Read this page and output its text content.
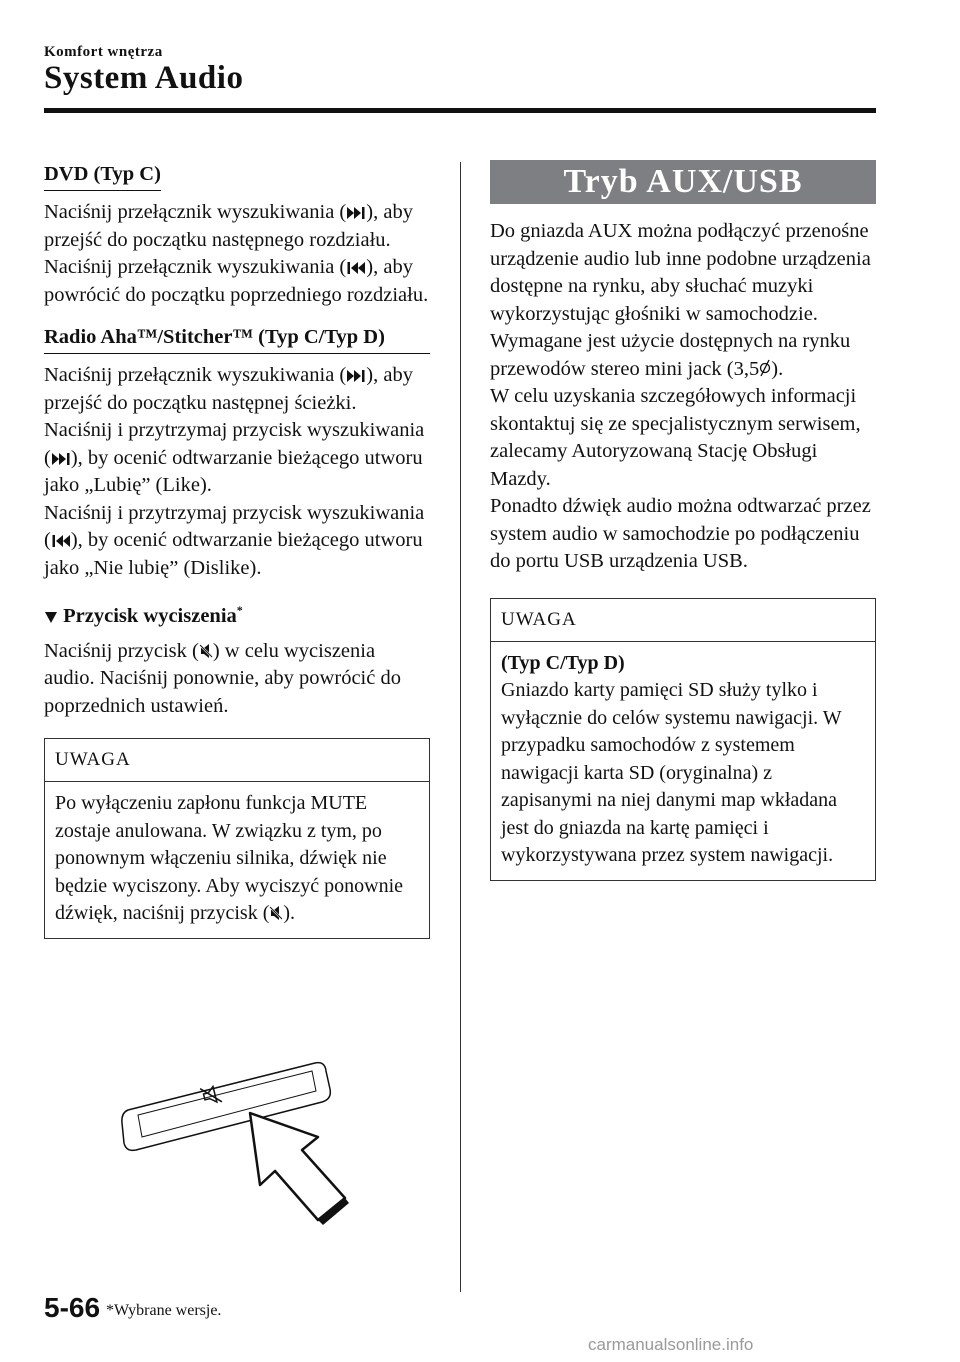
Komfort wnętrza
System Audio
DVD (Typ C)

Naciśnij przełącznik wyszukiwania ( ), aby przejść do początku następnego rozdziału.

Naciśnij przełącznik wyszukiwania ( ), aby powrócić do początku poprzedniego rozdziału.

Radio Aha™/Stitcher™ (Typ C/Typ D)

Naciśnij przełącznik wyszukiwania ( ), aby przejść do początku następnej ścieżki.

Naciśnij i przytrzymaj przycisk wyszukiwania ( ), by ocenić odtwarzanie bieżącego utworu jako „Lubię” (Like).

Naciśnij i przytrzymaj przycisk wyszukiwania ( ), by ocenić odtwarzanie bieżącego utworu jako „Nie lubię” (Dislike).

Przycisk wyciszenia*

Naciśnij przycisk ( ) w celu wyciszenia audio. Naciśnij ponownie, aby powrócić do poprzednich ustawień.

UWAGA
Po wyłączeniu zapłonu funkcja MUTE zostaje anulowana. W związku z tym, po ponownym włączeniu silnika, dźwięk nie będzie wyciszony. Aby wyciszyć ponownie dźwięk, naciśnij przycisk ( ).
Tryb AUX/USB

Do gniazda AUX można podłączyć przenośne urządzenie audio lub inne podobne urządzenia dostępne na rynku, aby słuchać muzyki wykorzystując głośniki w samochodzie.

Wymagane jest użycie dostępnych na rynku przewodów stereo mini jack (3,5 ).

W celu uzyskania szczegółowych informacji skontaktuj się ze specjalistycznym serwisem, zalecamy Autoryzowaną Stację Obsługi Mazdy.

Ponadto dźwięk audio można odtwarzać przez system audio w samochodzie po podłączeniu do portu USB urządzenia USB.

UWAGA
(Typ C/Typ D)
Gniazdo karty pamięci SD służy tylko i wyłącznie do celów systemu nawigacji. W przypadku samochodów z systemem nawigacji karta SD (oryginalna) z zapisanymi na niej danymi map wkładana jest do gniazda na kartę pamięci i wykorzystywana przez system nawigacji.
5-66 *Wybrane wersje.
carmanualsonline.info
